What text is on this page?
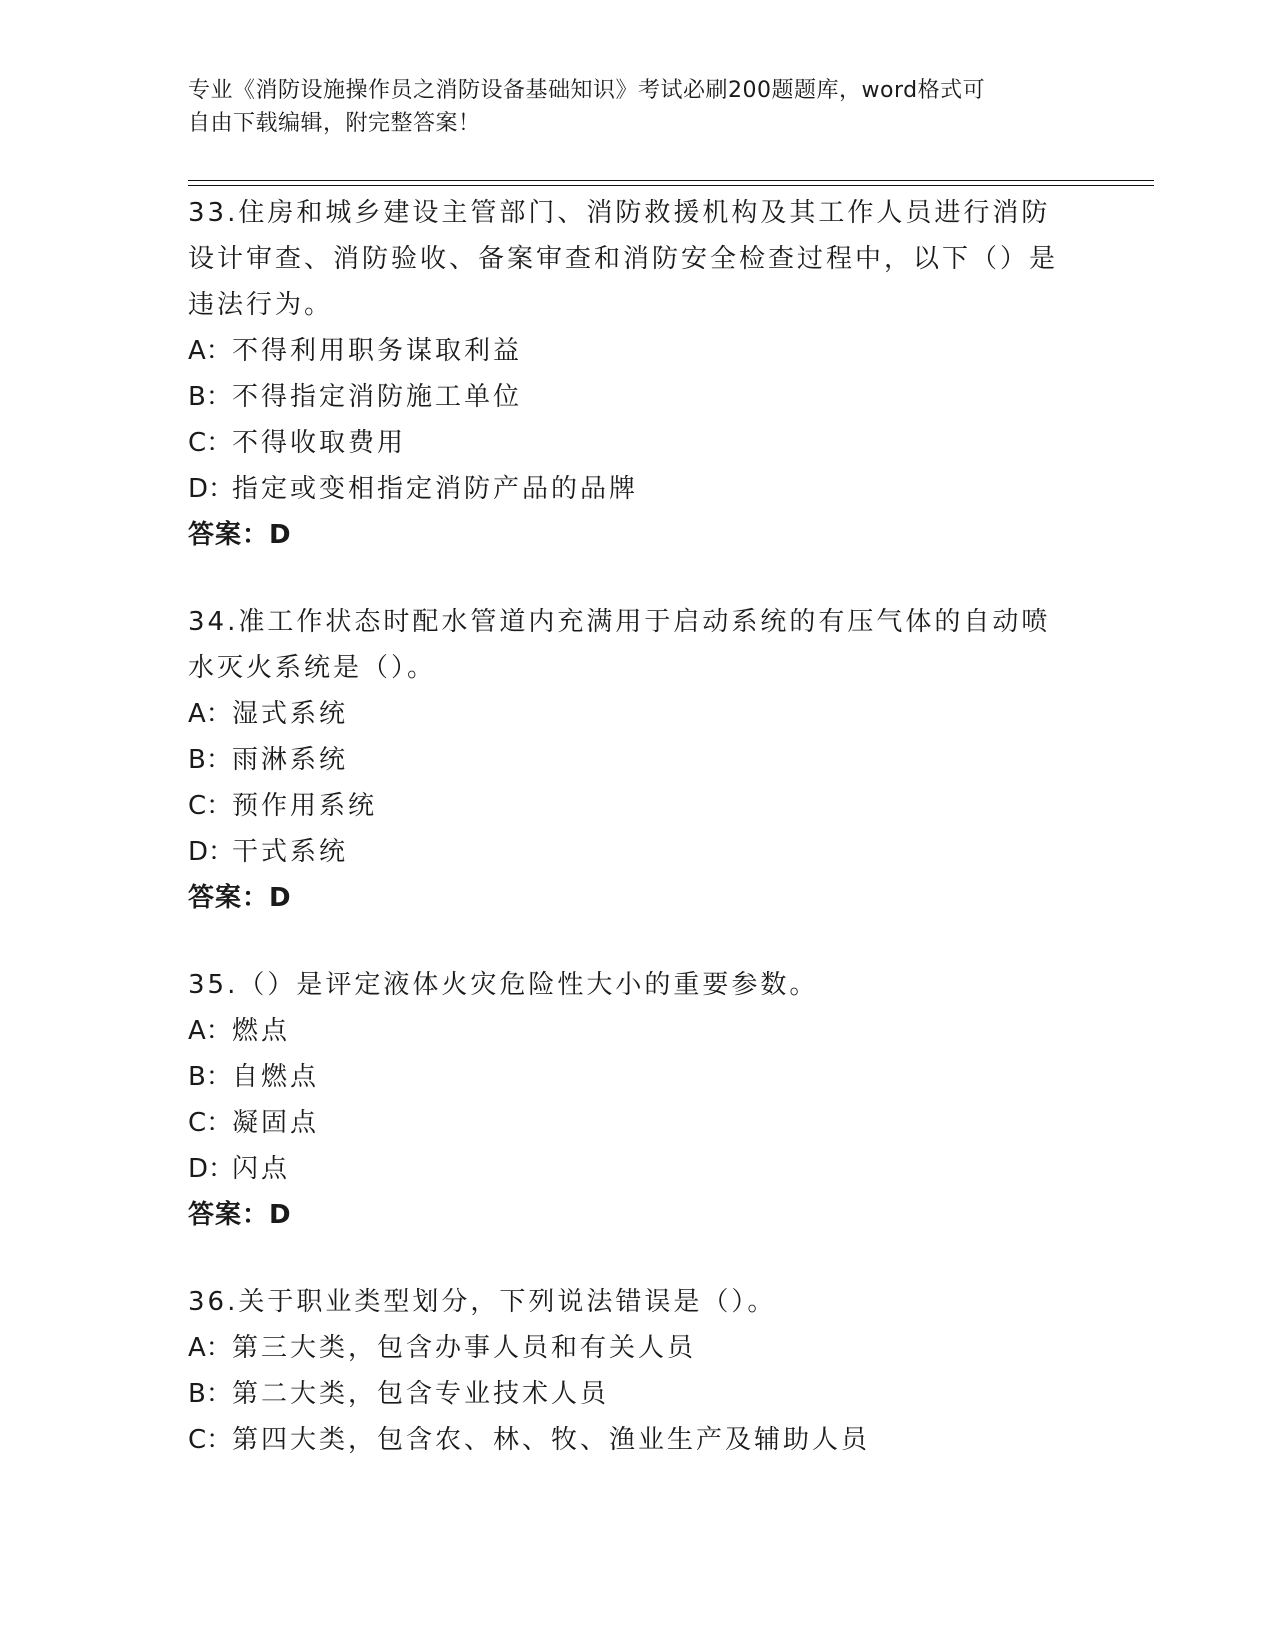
专业《消防设施操作员之消防设备基础知识》考试必刷200题题库，word格式可
自由下载编辑，附完整答案！
33.住房和城乡建设主管部门、消防救援机构及其工作人员进行消防设计审查、消防验收、备案审查和消防安全检查过程中，以下（）是违法行为。
A：不得利用职务谋取利益
B：不得指定消防施工单位
C：不得收取费用
D：指定或变相指定消防产品的品牌
答案：D
34.准工作状态时配水管道内充满用于启动系统的有压气体的自动喷水灭火系统是（）。
A：湿式系统
B：雨淋系统
C：预作用系统
D：干式系统
答案：D
35.（）是评定液体火灾危险性大小的重要参数。
A：燃点
B：自燃点
C：凝固点
D：闪点
答案：D
36.关于职业类型划分，下列说法错误是（）。
A：第三大类，包含办事人员和有关人员
B：第二大类，包含专业技术人员
C：第四大类，包含农、林、牧、渔业生产及辅助人员
